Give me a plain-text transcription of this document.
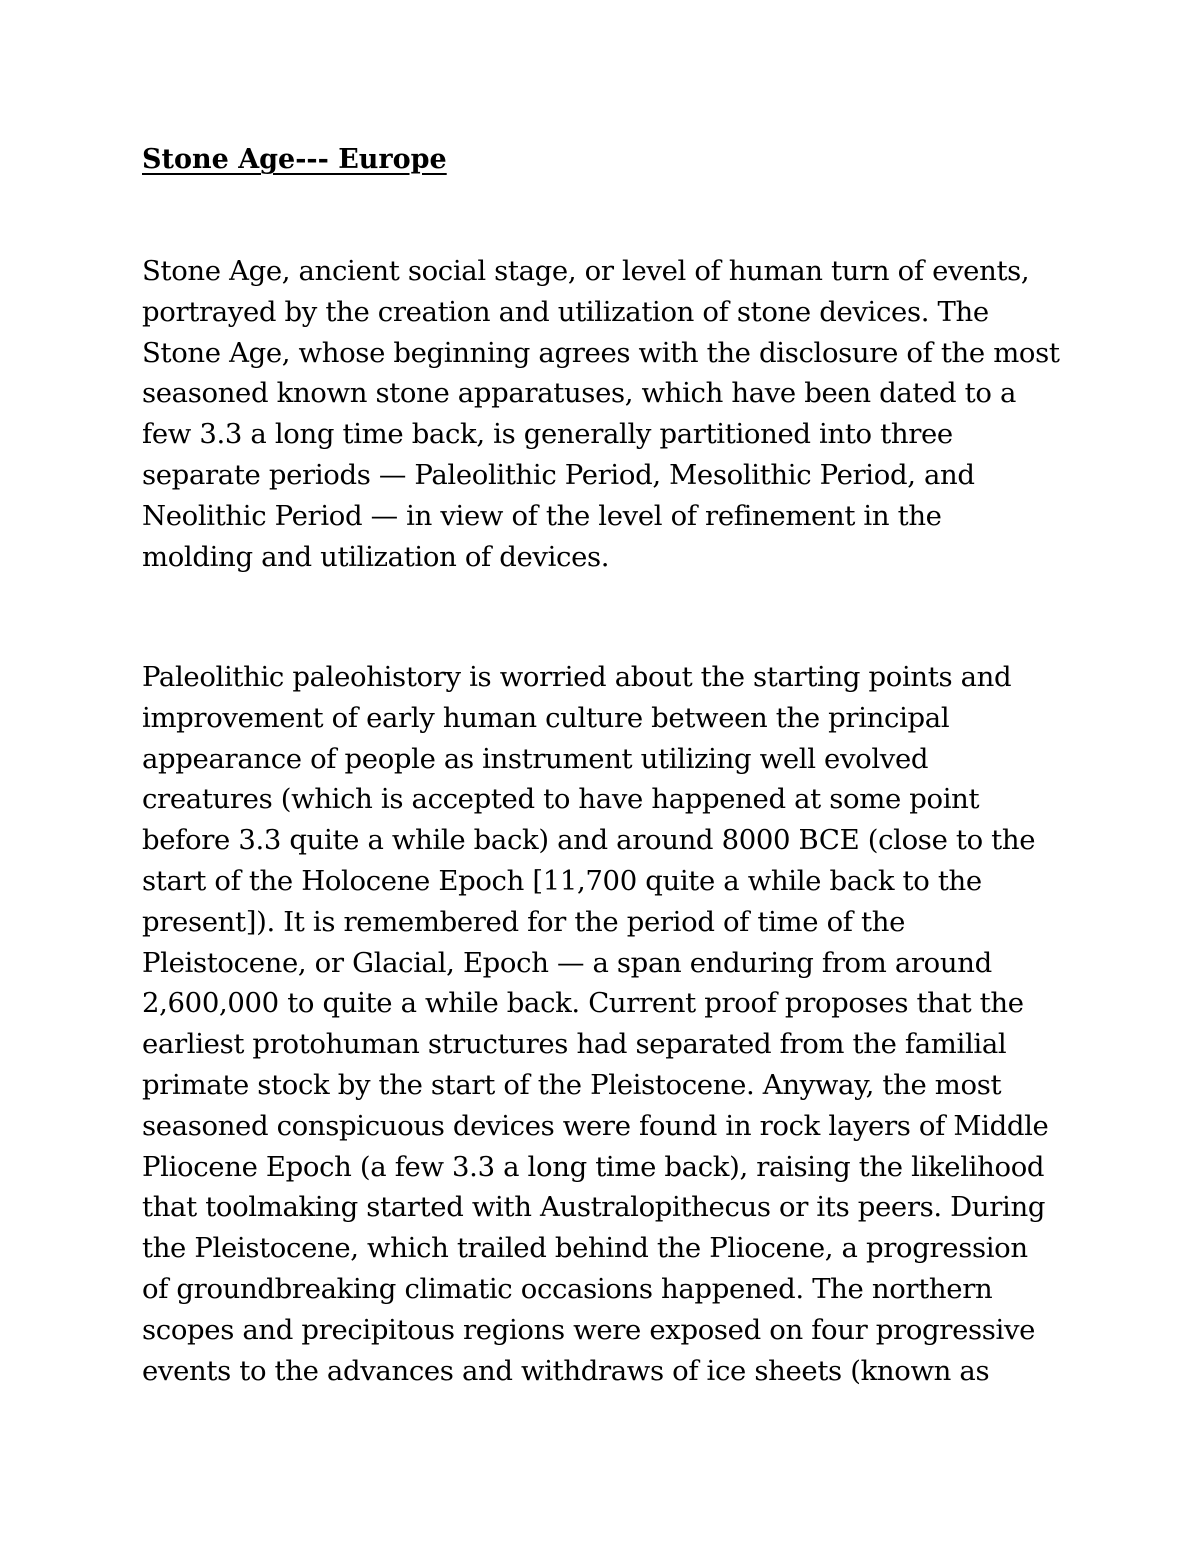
Stone Age--- Europe

Stone Age, ancient social stage, or level of human turn of events,
portrayed by the creation and utilization of stone devices. The
Stone Age, whose beginning agrees with the disclosure of the most
seasoned known stone apparatuses, which have been dated to a
few 3.3 a long time back, is generally partitioned into three
separate periods — Paleolithic Period, Mesolithic Period, and
Neolithic Period — in view of the level of refinement in the
molding and utilization of devices.

Paleolithic paleohistory is worried about the starting points and
improvement of early human culture between the principal
appearance of people as instrument utilizing well evolved
creatures (which is accepted to have happened at some point
before 3.3 quite a while back) and around 8000 BCE (close to the
start of the Holocene Epoch [11,700 quite a while back to the
present]). It is remembered for the period of time of the
Pleistocene, or Glacial, Epoch — a span enduring from around
2,600,000 to quite a while back. Current proof proposes that the
earliest protohuman structures had separated from the familial
primate stock by the start of the Pleistocene. Anyway, the most
seasoned conspicuous devices were found in rock layers of Middle
Pliocene Epoch (a few 3.3 a long time back), raising the likelihood
that toolmaking started with Australopithecus or its peers. During
the Pleistocene, which trailed behind the Pliocene, a progression
of groundbreaking climatic occasions happened. The northern
scopes and precipitous regions were exposed on four progressive
events to the advances and withdraws of ice sheets (known as
